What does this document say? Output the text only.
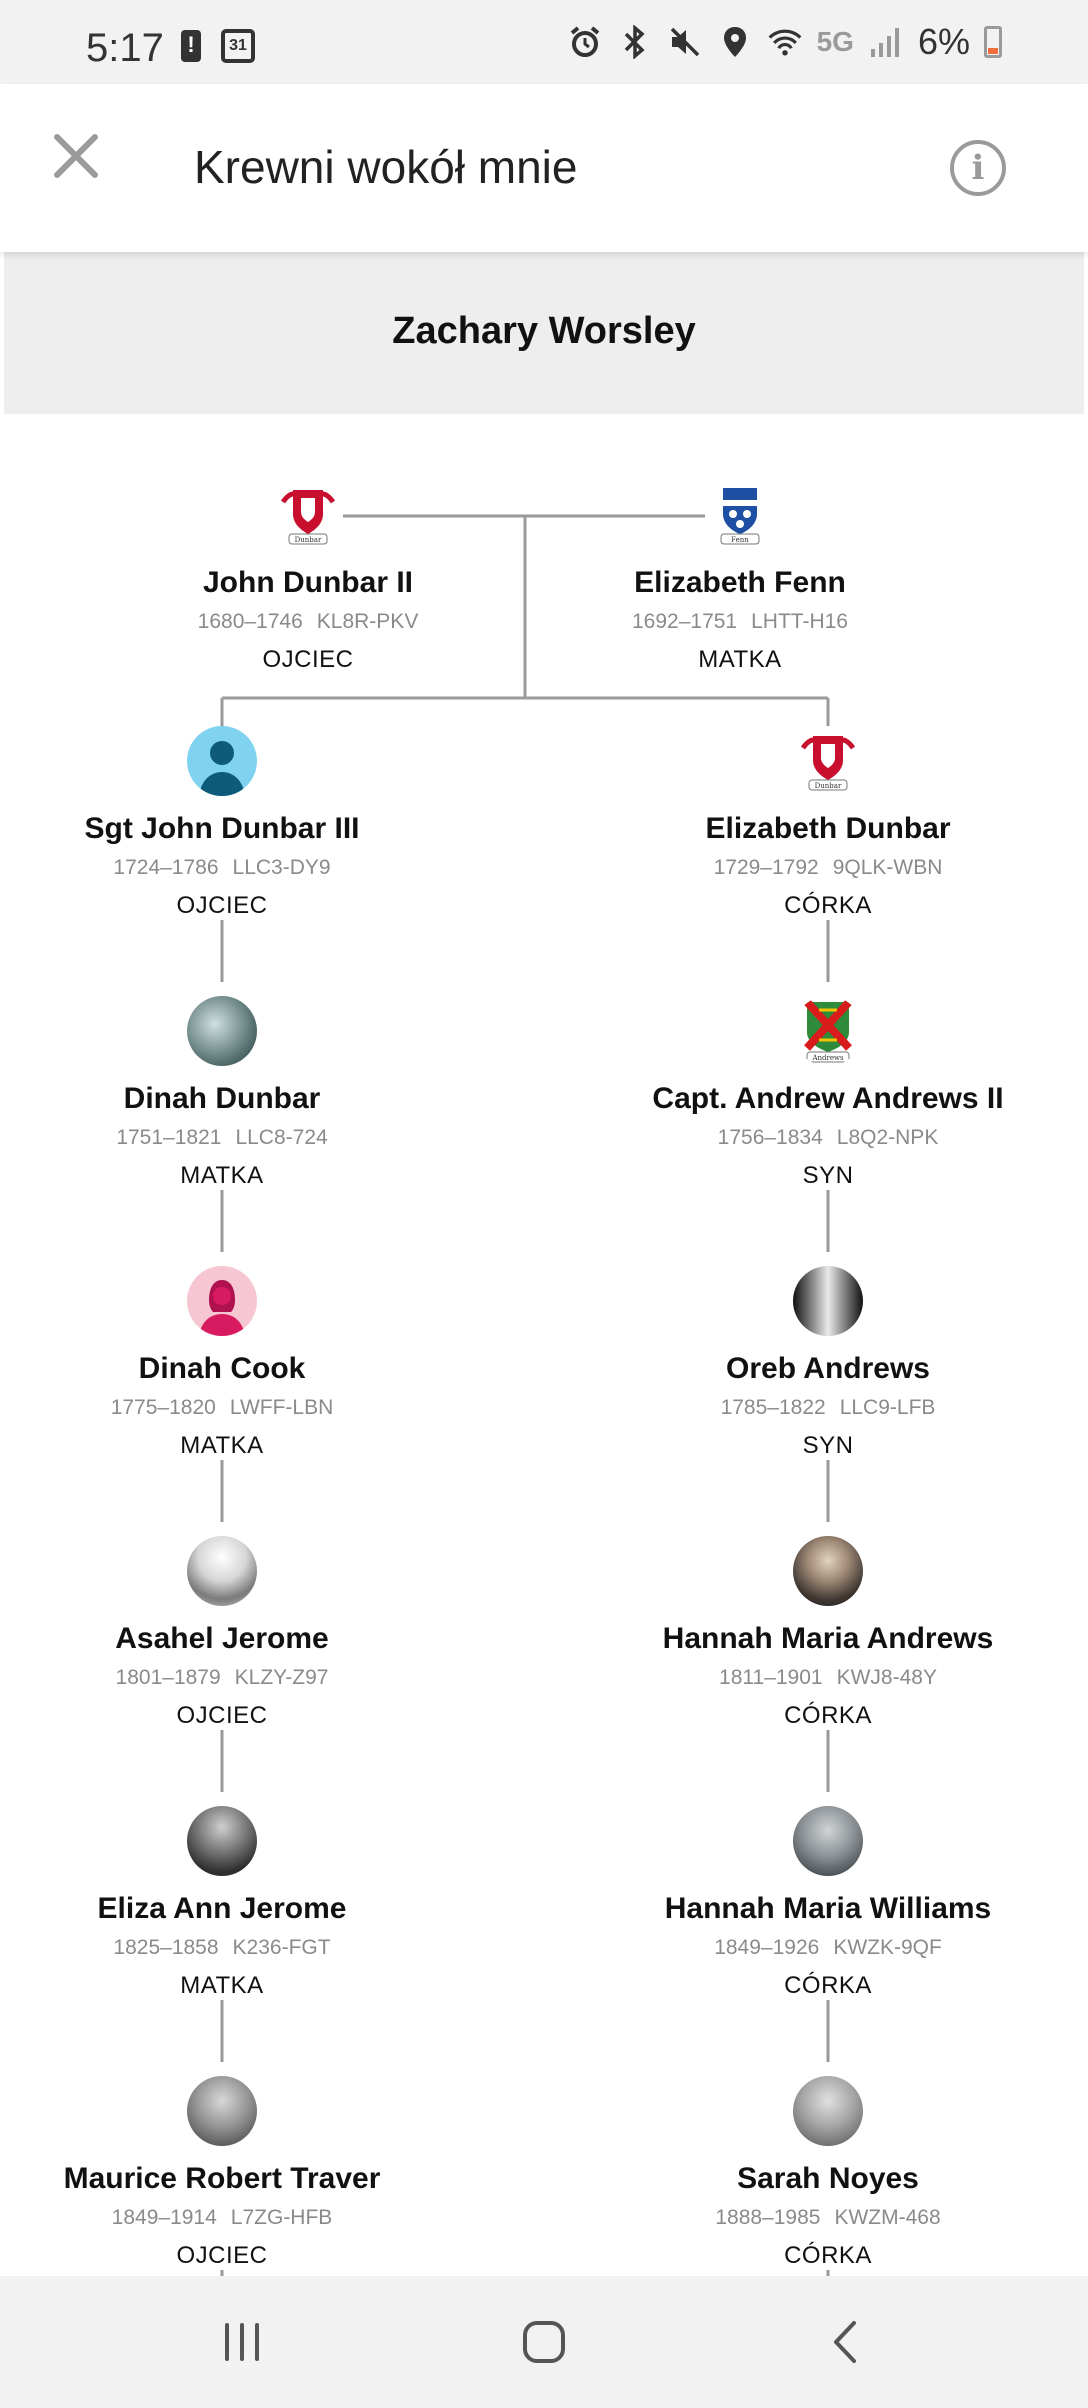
5:17
!	31	5G 6%
Krewni wokół mnie	i
Zachary Worsley
Dunbar
John Dunbar II
1680–1746 KL8R-PKV
OJCIEC
Fenn
Elizabeth Fenn
1692–1751 LHTT-H16
MATKA
Sgt John Dunbar III
1724–1786 LLC3-DY9
OJCIEC
Dinah Dunbar
1751–1821 LLC8-724
MATKA
Dinah Cook
1775–1820 LWFF-LBN
MATKA
Asahel Jerome
1801–1879 KLZY-Z97
OJCIEC
Eliza Ann Jerome
1825–1858 K236-FGT
MATKA
Maurice Robert Traver
1849–1914 L7ZG-HFB
OJCIEC
Dunbar
Elizabeth Dunbar
1729–1792 9QLK-WBN
CÓRKA
Andrews
Capt. Andrew Andrews II
1756–1834 L8Q2-NPK
SYN
Oreb Andrews
1785–1822 LLC9-LFB
SYN
Hannah Maria Andrews
1811–1901 KWJ8-48Y
CÓRKA
Hannah Maria Williams
1849–1926 KWZK-9QF
CÓRKA
Sarah Noyes
1888–1985 KWZM-468
CÓRKA
